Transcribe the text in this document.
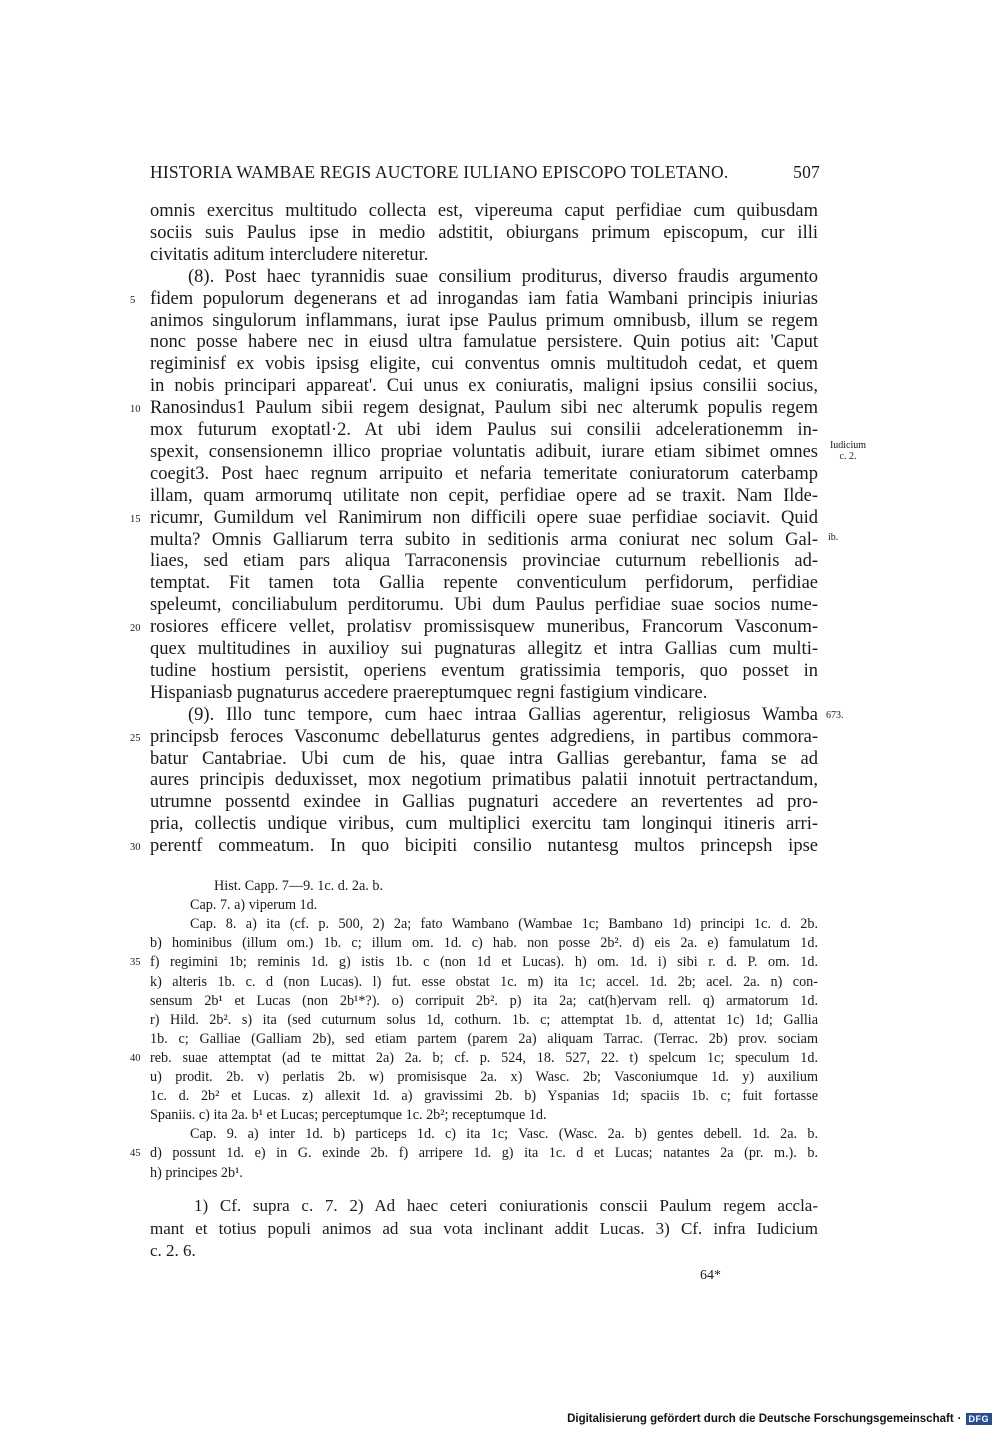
HISTORIA WAMBAE REGIS AUCTORE IULIANO EPISCOPO TOLETANO.	507
omnis exercitus multitudo collecta est, vipereuma caput perfidiae cum quibusdam
sociis suis Paulus ipse in medio adstitit, obiurgans primum episcopum, cur illi
civitatis aditum intercludere niteretur.
(8). Post haec tyrannidis suae consilium proditurus, diverso fraudis argumento
fidem populorum degenerans et ad inrogandas iam fatia Wambani principis iniurias
5
animos singulorum inflammans, iurat ipse Paulus primum omnibusb, illum se regem
nonc posse habere nec in eiusd ultra famulatue persistere. Quin potius ait: 'Caput
regiminisf ex vobis ipsisg eligite, cui conventus omnis multitudoh cedat, et quem
in nobis principari appareat'. Cui unus ex coniuratis, maligni ipsius consilii socius,
Ranosindus1 Paulum sibii regem designat, Paulum sibi nec alterumk populis regem
10
mox futurum exoptatl·2. At ubi idem Paulus sui consilii adcelerationemm in-
spexit, consensionemn illico propriae voluntatis adibuit, iurare etiam sibimet omnes
coegit3. Post haec regnum arripuito et nefaria temeritate coniuratorum caterbamp
illam, quam armorumq utilitate non cepit, perfidiae opere ad se traxit. Nam Ilde-
ricumr, Gumildum vel Ranimirum non difficili opere suae perfidiae sociavit. Quid
15
multa? Omnis Galliarum terra subito in seditionis arma coniurat nec solum Gal-
liaes, sed etiam pars aliqua Tarraconensis provinciae cuturnum rebellionis ad-
temptat. Fit tamen tota Gallia repente conventiculum perfidorum, perfidiae
speleumt, conciliabulum perditorumu. Ubi dum Paulus perfidiae suae socios nume-
rosiores efficere vellet, prolatisv promissisquew muneribus, Francorum Vasconum-
20
quex multitudines in auxilioy sui pugnaturas allegitz et intra Gallias cum multi-
tudine hostium persistit, operiens eventum gratissimia temporis, quo posset in
Hispaniasb pugnaturus accedere praereptumquec regni fastigium vindicare.
(9). Illo tunc tempore, cum haec intraa Gallias agerentur, religiosus Wamba
principsb feroces Vasconumc debellaturus gentes adgrediens, in partibus commora-
25
batur Cantabriae. Ubi cum de his, quae intra Gallias gerebantur, fama se ad
aures principis deduxisset, mox negotium primatibus palatii innotuit pertractandum,
utrumne possentd exindee in Gallias pugnaturi accedere an revertentes ad pro-
pria, collectis undique viribus, cum multiplici exercitu tam longinqui itineris arri-
perentf commeatum. In quo bicipiti consilio nutantesg multos princepsh ipse
30
Iudicium
c. 2.
ib.
673.
Hist. Capp. 7—9. 1c. d. 2a. b.
Cap. 7. a) viperum 1d.
Cap. 8. a) ita (cf. p. 500, 2) 2a; fato Wambano (Wambae 1c; Bambano 1d) principi 1c. d. 2b.
b) hominibus (illum om.) 1b. c; illum om. 1d. c) hab. non posse 2b². d) eis 2a. e) famulatum 1d.
f) regimini 1b; reminis 1d. g) istis 1b. c (non 1d et Lucas). h) om. 1d. i) sibi r. d. P. om. 1d.
35
k) alteris 1b. c. d (non Lucas). l) fut. esse obstat 1c. m) ita 1c; accel. 1d. 2b; acel. 2a. n) con-
sensum 2b¹ et Lucas (non 2b¹*?). o) corripuit 2b². p) ita 2a; cat(h)ervam rell. q) armatorum 1d.
r) Hild. 2b². s) ita (sed cuturnum solus 1d, cothurn. 1b. c; attemptat 1b. d, attentat 1c) 1d; Gallia
1b. c; Galliae (Galliam 2b), sed etiam partem (parem 2a) aliquam Tarrac. (Terrac. 2b) prov. sociam
reb. suae attemptat (ad te mittat 2a) 2a. b; cf. p. 524, 18. 527, 22. t) spelcum 1c; speculum 1d.
40
u) prodit. 2b. v) perlatis 2b. w) promisisque 2a. x) Wasc. 2b; Vasconiumque 1d. y) auxilium
1c. d. 2b² et Lucas. z) allexit 1d. a) gravissimi 2b. b) Yspanias 1d; spaciis 1b. c; fuit fortasse
Spaniis. c) ita 2a. b¹ et Lucas; perceptumque 1c. 2b²; receptumque 1d.
Cap. 9. a) inter 1d. b) particeps 1d. c) ita 1c; Vasc. (Wasc. 2a. b) gentes debell. 1d. 2a. b.
d) possunt 1d. e) in G. exinde 2b. f) arripere 1d. g) ita 1c. d et Lucas; natantes 2a (pr. m.). b.
45
h) principes 2b¹.
1) Cf. supra c. 7. 2) Ad haec ceteri coniurationis conscii Paulum regem accla-
mant et totius populi animos ad sua vota inclinant addit Lucas. 3) Cf. infra Iudicium
c. 2. 6.
64*
Digitalisierung gefördert durch die Deutsche Forschungsgemeinschaft · DFG
